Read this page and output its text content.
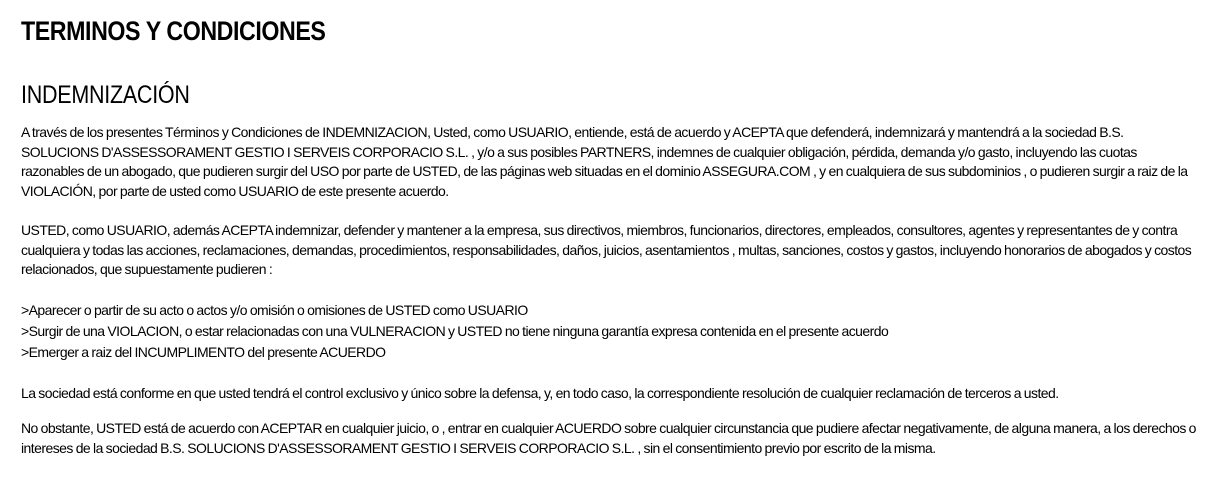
TERMINOS Y CONDICIONES
INDEMNIZACIÓN

A través de los presentes Términos y Condiciones de INDEMNIZACION, Usted, como USUARIO, entiende, está de acuerdo y ACEPTA que defenderá, indemnizará y mantendrá a la sociedad B.S. SOLUCIONS D'ASSESSORAMENT GESTIO I SERVEIS CORPORACIO S.L. , y/o a sus posibles PARTNERS, indemnes de cualquier obligación, pérdida, demanda y/o gasto, incluyendo las cuotas razonables de un abogado, que pudieren surgir del USO por parte de USTED, de las páginas web situadas en el dominio ASSEGURA.COM , y en cualquiera de sus subdominios , o pudieren surgir a raiz de la VIOLACIÓN, por parte de usted como USUARIO de este presente acuerdo.

USTED, como USUARIO, además ACEPTA indemnizar, defender y mantener a la empresa, sus directivos, miembros, funcionarios, directores, empleados, consultores, agentes y representantes de y contra cualquiera y todas las acciones, reclamaciones, demandas, procedimientos, responsabilidades, daños, juicios, asentamientos , multas, sanciones, costos y gastos, incluyendo honorarios de abogados y costos relacionados, que supuestamente pudieren :

>Aparecer o partir de su acto o actos y/o omisión o omisiones de USTED como USUARIO
>Surgir de una VIOLACION, o estar relacionadas con una VULNERACION y USTED no tiene ninguna garantía expresa contenida en el presente acuerdo
>Emerger a raiz del INCUMPLIMENTO del presente ACUERDO

La sociedad está conforme en que usted tendrá el control exclusivo y único sobre la defensa, y, en todo caso, la correspondiente resolución de cualquier reclamación de terceros a usted.

No obstante, USTED está de acuerdo con ACEPTAR en cualquier juicio, o , entrar en cualquier ACUERDO sobre cualquier circunstancia que pudiere afectar negativamente, de alguna manera, a los derechos o intereses de la sociedad B.S. SOLUCIONS D'ASSESSORAMENT GESTIO I SERVEIS CORPORACIO S.L. , sin el consentimiento previo por escrito de la misma.
